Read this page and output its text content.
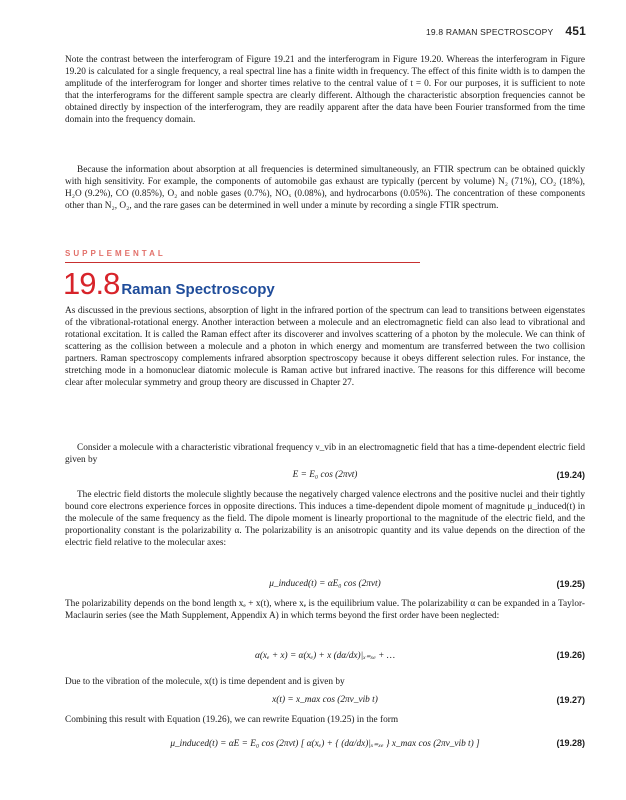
19.8 RAMAN SPECTROSCOPY 451

Note the contrast between the interferogram of Figure 19.21 and the interferogram in Figure 19.20. Whereas the interferogram in Figure 19.20 is calculated for a single frequency, a real spectral line has a finite width in frequency. The effect of this finite width is to dampen the amplitude of the interferogram for longer and shorter times relative to the central value of t = 0. For our purposes, it is sufficient to note that the interferograms for the different sample spectra are clearly different. Although the characteristic absorption frequencies cannot be obtained directly by inspection of the interferogram, they are readily apparent after the data have been Fourier transformed from the time domain into the frequency domain.

Because the information about absorption at all frequencies is determined simultaneously, an FTIR spectrum can be obtained quickly with high sensitivity. For example, the components of automobile gas exhaust are typically (percent by volume) N₂ (71%), CO₂ (18%), H₂O (9.2%), CO (0.85%), O₂ and noble gases (0.7%), NOₓ (0.08%), and hydrocarbons (0.05%). The concentration of these components other than N₂, O₂, and the rare gases can be determined in well under a minute by recording a single FTIR spectrum.

SUPPLEMENTAL
19.8 Raman Spectroscopy

As discussed in the previous sections, absorption of light in the infrared portion of the spectrum can lead to transitions between eigenstates of the vibrational-rotational energy. Another interaction between a molecule and an electromagnetic field can also lead to vibrational and rotational excitation. It is called the Raman effect after its discoverer and involves scattering of a photon by the molecule. We can think of scattering as the collision between a molecule and a photon in which energy and momentum are transferred between the two collision partners. Raman spectroscopy complements infrared absorption spectroscopy because it obeys different selection rules. For instance, the stretching mode in a homonuclear diatomic molecule is Raman active but infrared inactive. The reasons for this difference will become clear after molecular symmetry and group theory are discussed in Chapter 27.

Consider a molecule with a characteristic vibrational frequency ν_vib in an electromagnetic field that has a time-dependent electric field given by

E = E₀ cos (2πνt)	(19.24)

The electric field distorts the molecule slightly because the negatively charged valence electrons and the positive nuclei and their tightly bound core electrons experience forces in opposite directions. This induces a time-dependent dipole moment of magnitude μ_induced(t) in the molecule of the same frequency as the field. The dipole moment is linearly proportional to the magnitude of the electric field, and the proportionality constant is the polarizability α. The polarizability is an anisotropic quantity and its value depends on the direction of the electric field relative to the molecular axes:

μ_induced(t) = αE₀ cos (2πνt)	(19.25)

The polarizability depends on the bond length xₑ + x(t), where xₑ is the equilibrium value. The polarizability α can be expanded in a Taylor-Maclaurin series (see the Math Supplement, Appendix A) in which terms beyond the first order have been neglected:

α(xₑ + x) = α(xₑ) + x (dα/dx)|ₓ₌ₓₑ + …	(19.26)

Due to the vibration of the molecule, x(t) is time dependent and is given by

x(t) = x_max cos (2πν_vib t)	(19.27)

Combining this result with Equation (19.26), we can rewrite Equation (19.25) in the form

μ_induced(t) = αE = E₀ cos (2πνt) [ α(xₑ) + { (dα/dx)|ₓ₌ₓₑ } x_max cos (2πν_vib t) ]	(19.28)
